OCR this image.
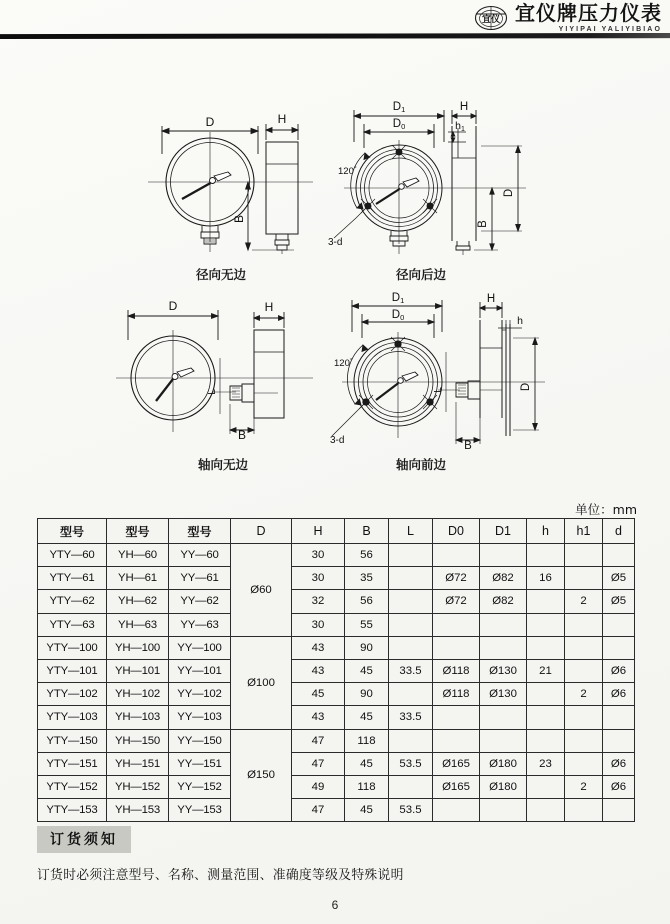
宜仪 宜仪牌压力仪表
YIYIPAI YALIYIBIAO
D	H
B
径向无边
D1
D0
H
h1
D
B
120°
3-d
径向后边
D	H
B
L
轴向无边
D1
D0
H
h
D
B
L
120°
3-d
轴向前边
单位：mm
型号	型号	型号	D	H	B	L	D0	D1	h	h1	d
YTY—60	YH—60	YY—60	Ø60	30	56						
YTY—61	YH—61	YY—61		30	35		Ø72	Ø82	16		Ø5
YTY—62	YH—62	YY—62		32	56		Ø72	Ø82		2	Ø5
YTY—63	YH—63	YY—63		30	55						
YTY—100	YH—100	YY—100	Ø100	43	90						
YTY—101	YH—101	YY—101		43	45	33.5	Ø118	Ø130	21		Ø6
YTY—102	YH—102	YY—102		45	90		Ø118	Ø130		2	Ø6
YTY—103	YH—103	YY—103		43	45	33.5					
YTY—150	YH—150	YY—150	Ø150	47	118						
YTY—151	YH—151	YY—151		47	45	53.5	Ø165	Ø180	23		Ø6
YTY—152	YH—152	YY—152		49	118		Ø165	Ø180		2	Ø6
YTY—153	YH—153	YY—153		47	45	53.5					
订货须知
订货时必须注意型号、名称、测量范围、准确度等级及特殊说明
6
